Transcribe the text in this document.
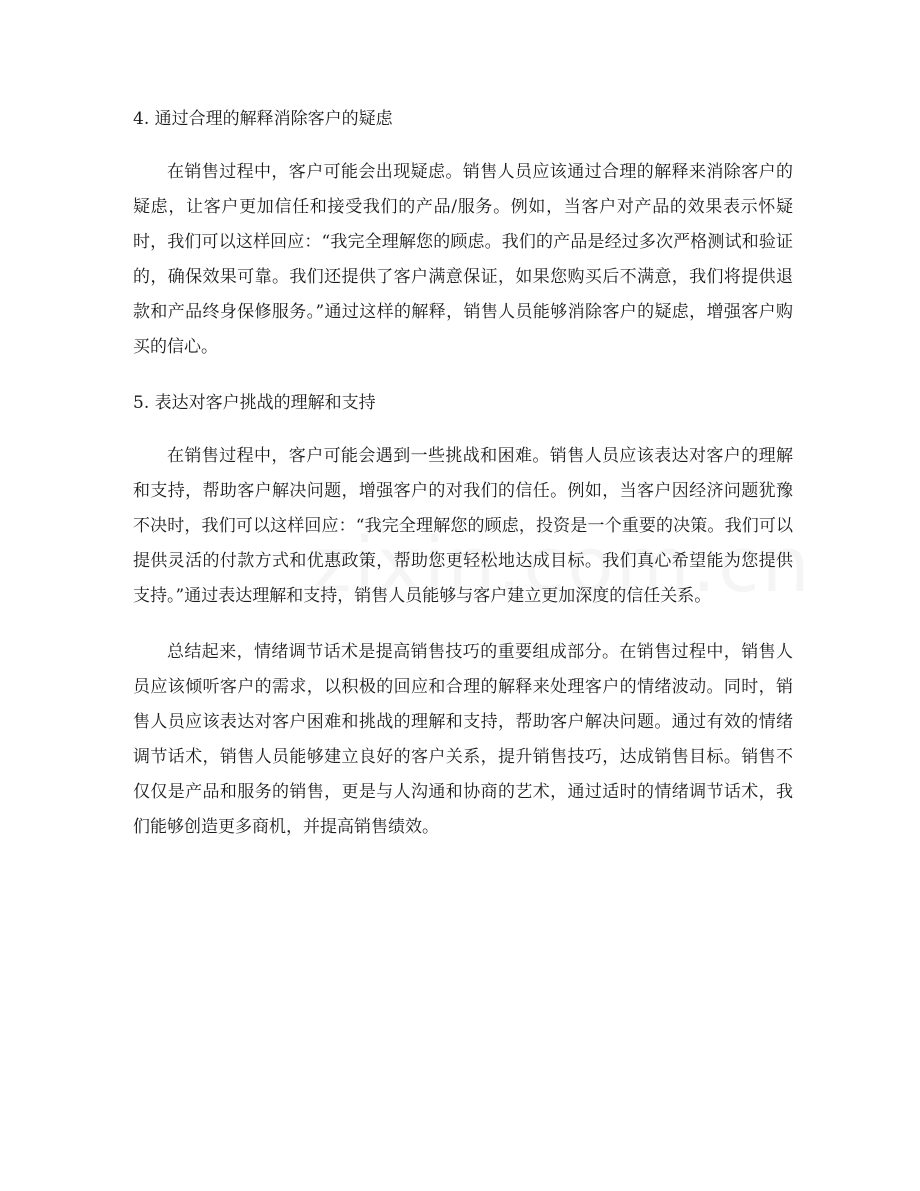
4. 通过合理的解释消除客户的疑虑

在销售过程中，客户可能会出现疑虑。销售人员应该通过合理的解释来消除客户的疑虑，让客户更加信任和接受我们的产品/服务。例如，当客户对产品的效果表示怀疑时，我们可以这样回应：“我完全理解您的顾虑。我们的产品是经过多次严格测试和验证的，确保效果可靠。我们还提供了客户满意保证，如果您购买后不满意，我们将提供退款和产品终身保修服务。”通过这样的解释，销售人员能够消除客户的疑虑，增强客户购买的信心。

5. 表达对客户挑战的理解和支持

在销售过程中，客户可能会遇到一些挑战和困难。销售人员应该表达对客户的理解和支持，帮助客户解决问题，增强客户的对我们的信任。例如，当客户因经济问题犹豫不决时，我们可以这样回应：“我完全理解您的顾虑，投资是一个重要的决策。我们可以提供灵活的付款方式和优惠政策，帮助您更轻松地达成目标。我们真心希望能为您提供支持。”通过表达理解和支持，销售人员能够与客户建立更加深度的信任关系。

总结起来，情绪调节话术是提高销售技巧的重要组成部分。在销售过程中，销售人员应该倾听客户的需求，以积极的回应和合理的解释来处理客户的情绪波动。同时，销售人员应该表达对客户困难和挑战的理解和支持，帮助客户解决问题。通过有效的情绪调节话术，销售人员能够建立良好的客户关系，提升销售技巧，达成销售目标。销售不仅仅是产品和服务的销售，更是与人沟通和协商的艺术，通过适时的情绪调节话术，我们能够创造更多商机，并提高销售绩效。
